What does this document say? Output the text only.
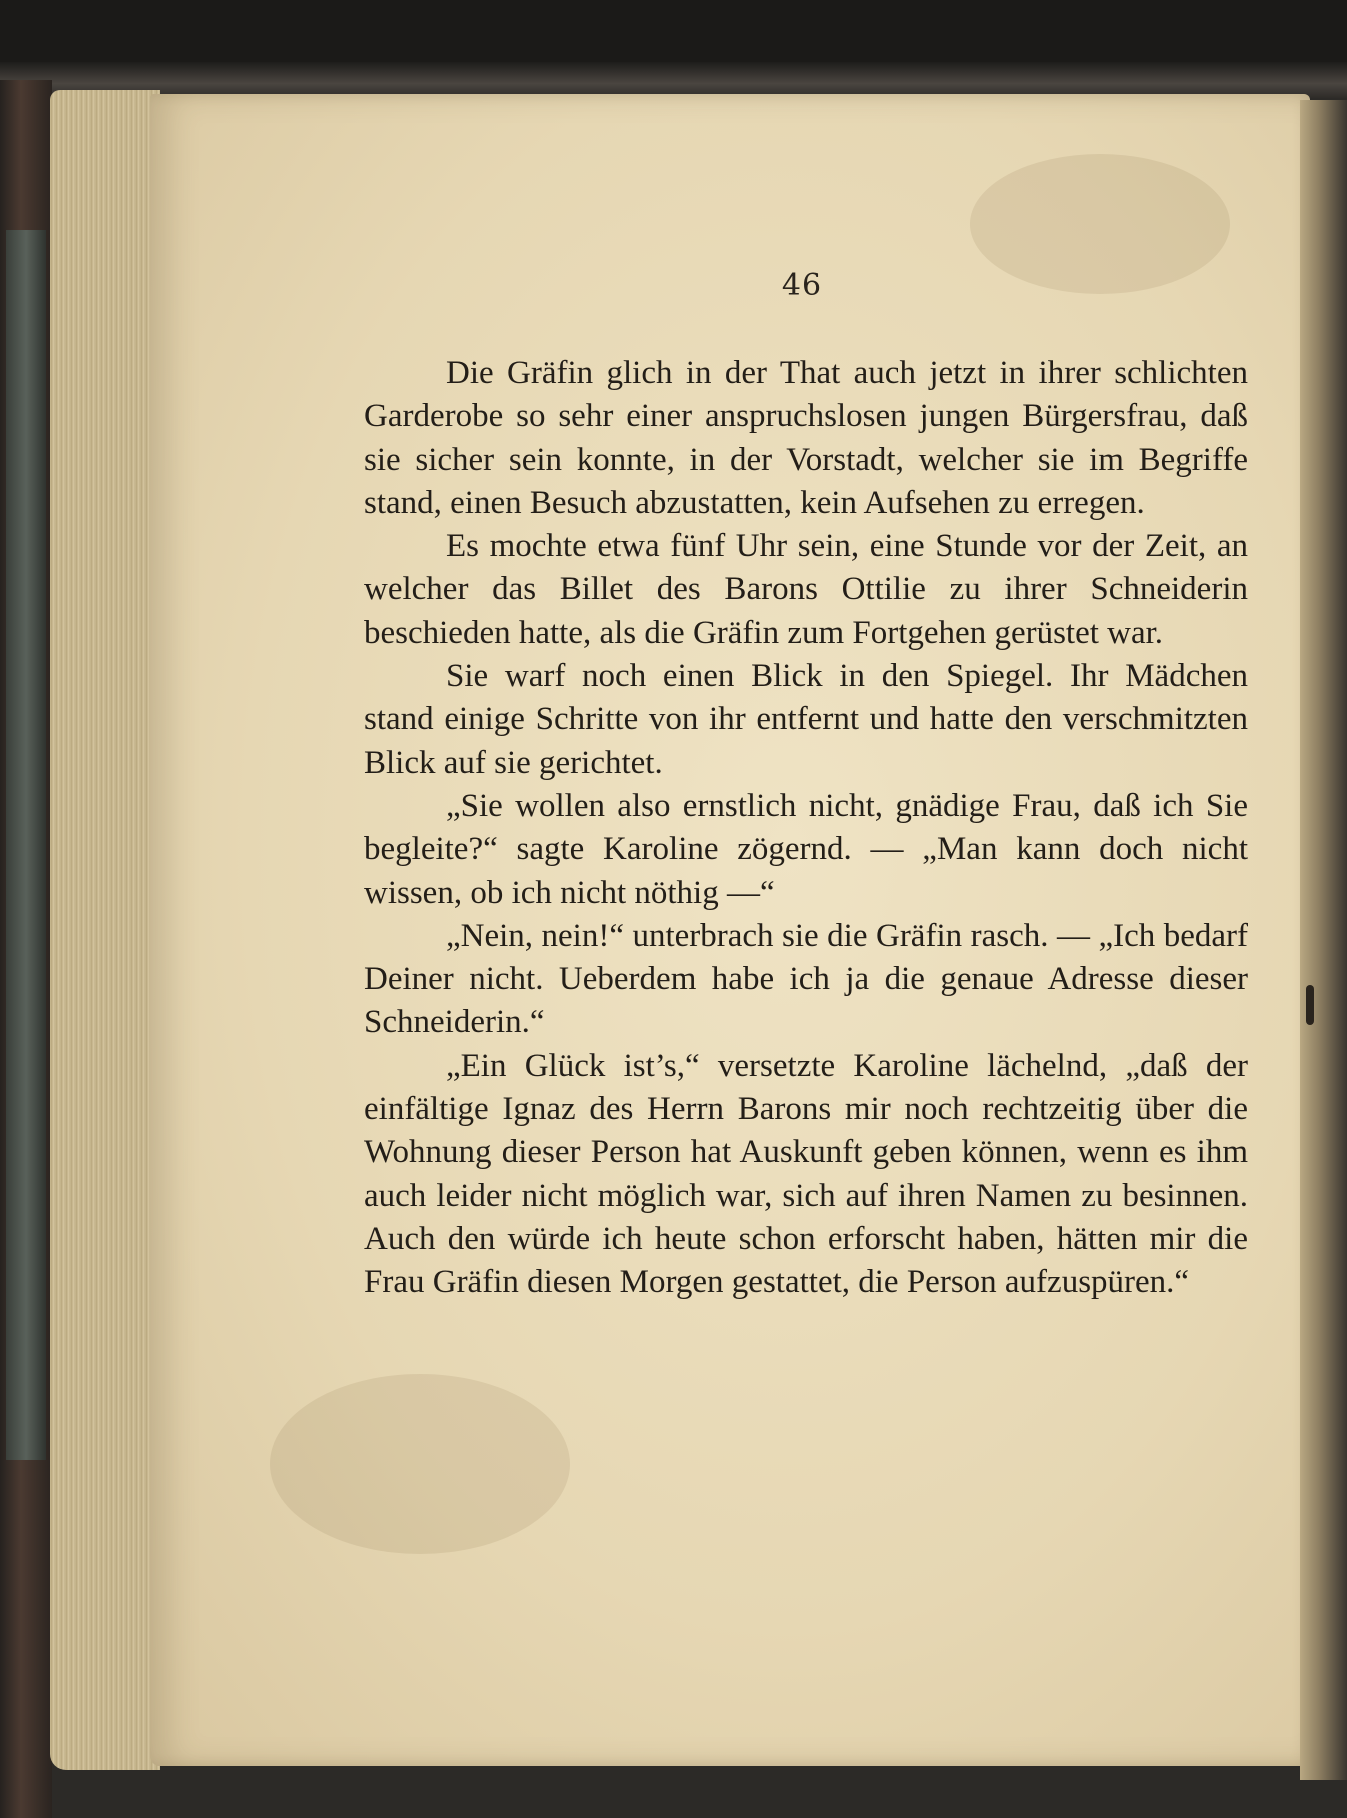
46

Die Gräfin glich in der That auch jetzt in ihrer schlichten Garderobe so sehr einer anspruchslosen jungen Bürgersfrau, daß sie sicher sein konnte, in der Vorstadt, welcher sie im Begriffe stand, einen Besuch abzustatten, kein Aufsehen zu erregen.

Es mochte etwa fünf Uhr sein, eine Stunde vor der Zeit, an welcher das Billet des Barons Ottilie zu ihrer Schneiderin beschieden hatte, als die Gräfin zum Fortgehen gerüstet war.

Sie warf noch einen Blick in den Spiegel. Ihr Mädchen stand einige Schritte von ihr entfernt und hatte den verschmitzten Blick auf sie gerichtet.

„Sie wollen also ernstlich nicht, gnädige Frau, daß ich Sie begleite?“ sagte Karoline zögernd. — „Man kann doch nicht wissen, ob ich nicht nöthig —“

„Nein, nein!“ unterbrach sie die Gräfin rasch. — „Ich bedarf Deiner nicht. Ueberdem habe ich ja die genaue Adresse dieser Schneiderin.“

„Ein Glück ist’s,“ versetzte Karoline lächelnd, „daß der einfältige Ignaz des Herrn Barons mir noch rechtzeitig über die Wohnung dieser Person hat Auskunft geben können, wenn es ihm auch leider nicht möglich war, sich auf ihren Namen zu besinnen. Auch den würde ich heute schon erforscht haben, hätten mir die Frau Gräfin diesen Morgen gestattet, die Person aufzuspüren.“
